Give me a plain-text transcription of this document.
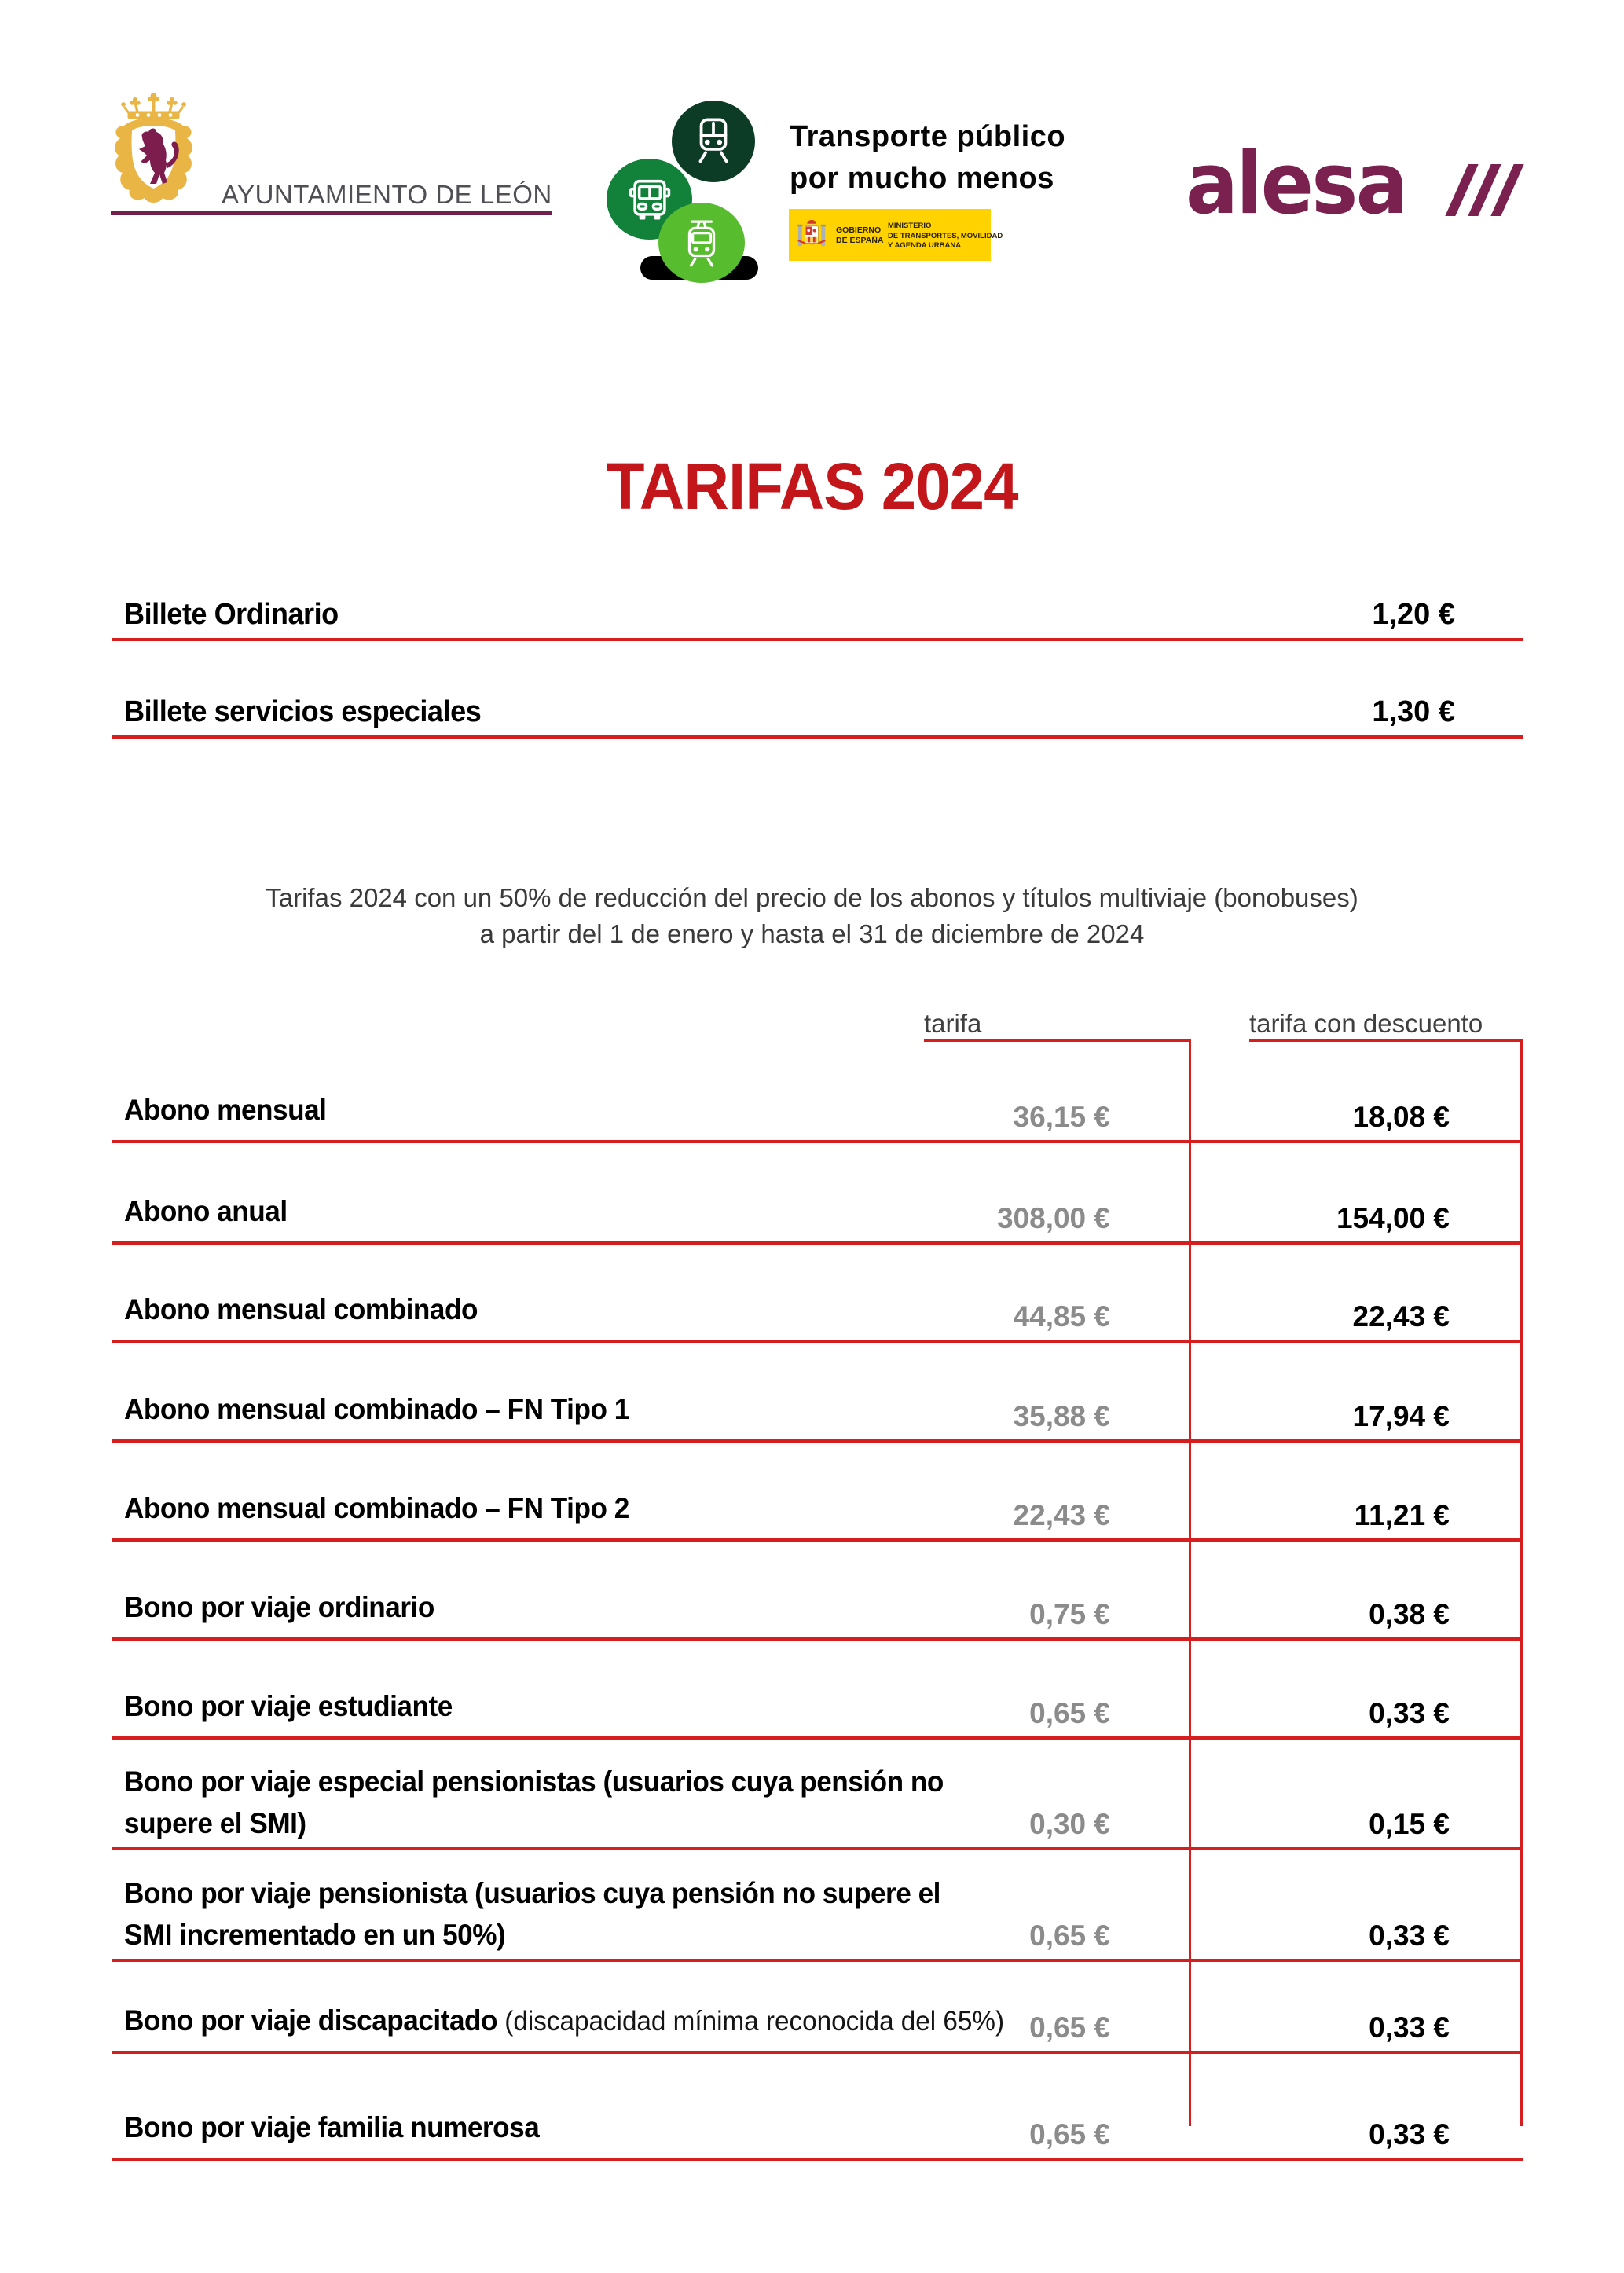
AYUNTAMIENTO DE LEÓN
Transporte público
por mucho menos
GOBIERNO
DE ESPAÑA
MINISTERIO
DE TRANSPORTES, MOVILIDAD
Y AGENDA URBANA
alesa
TARIFAS 2024
Billete Ordinario	1,20 €
Billete servicios especiales	1,30 €
Tarifas 2024 con un 50% de reducción del precio de los abonos y títulos multiviaje (bonobuses)
a partir del 1 de enero y hasta el 31 de diciembre de 2024
tarifa	tarifa con descuento
Abono mensual	36,15 €	18,08 €
Abono anual	308,00 €	154,00 €
Abono mensual combinado	44,85 €	22,43 €
Abono mensual combinado – FN Tipo 1	35,88 €	17,94 €
Abono mensual combinado – FN Tipo 2	22,43 €	11,21 €
Bono por viaje ordinario	0,75 €	0,38 €
Bono por viaje estudiante	0,65 €	0,33 €
Bono por viaje especial pensionistas (usuarios cuya pensión no
supere el SMI)	0,30 €	0,15 €
Bono por viaje pensionista (usuarios cuya pensión no supere el
SMI incrementado en un 50%)	0,65 €	0,33 €
Bono por viaje discapacitado (discapacidad mínima reconocida del 65%) 0,65 €	0,33 €
Bono por viaje familia numerosa	0,65 €	0,33 €
